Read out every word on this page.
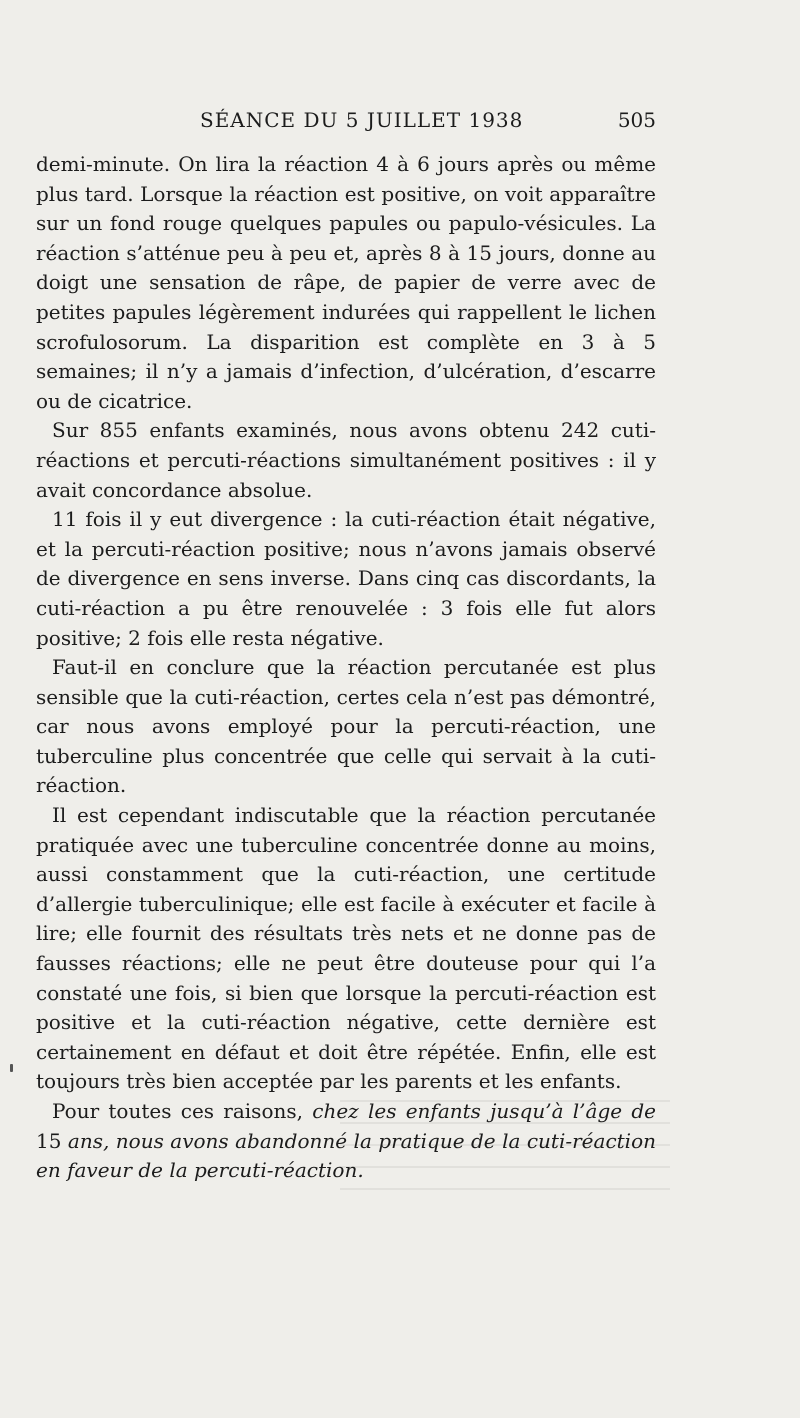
SÉANCE DU 5 JUILLET 1938	505

demi-minute. On lira la réaction 4 à 6 jours après ou même plus tard. Lorsque la réaction est positive, on voit apparaître sur un fond rouge quelques papules ou papulo-vésicules. La réaction s’atténue peu à peu et, après 8 à 15 jours, donne au doigt une sensation de râpe, de papier de verre avec de petites papules légèrement indurées qui rappellent le lichen scrofulosorum. La disparition est complète en 3 à 5 semaines; il n’y a jamais d’infection, d’ulcération, d’escarre ou de cicatrice.

Sur 855 enfants examinés, nous avons obtenu 242 cuti-réactions et percuti-réactions simultanément positives : il y avait concordance absolue.

11 fois il y eut divergence : la cuti-réaction était négative, et la percuti-réaction positive; nous n’avons jamais observé de divergence en sens inverse. Dans cinq cas discordants, la cuti-réaction a pu être renouvelée : 3 fois elle fut alors positive; 2 fois elle resta négative.

Faut-il en conclure que la réaction percutanée est plus sensible que la cuti-réaction, certes cela n’est pas démontré, car nous avons employé pour la percuti-réaction, une tuberculine plus concentrée que celle qui servait à la cuti-réaction.

Il est cependant indiscutable que la réaction percutanée pratiquée avec une tuberculine concentrée donne au moins, aussi constamment que la cuti-réaction, une certitude d’allergie tuberculinique; elle est facile à exécuter et facile à lire; elle fournit des résultats très nets et ne donne pas de fausses réactions; elle ne peut être douteuse pour qui l’a constaté une fois, si bien que lorsque la percuti-réaction est positive et la cuti-réaction négative, cette dernière est certainement en défaut et doit être répétée. Enfin, elle est toujours très bien acceptée par les parents et les enfants.

Pour toutes ces raisons, chez les enfants jusqu’à l’âge de 15 ans, nous avons abandonné la pratique de la cuti-réaction en faveur de la percuti-réaction.
